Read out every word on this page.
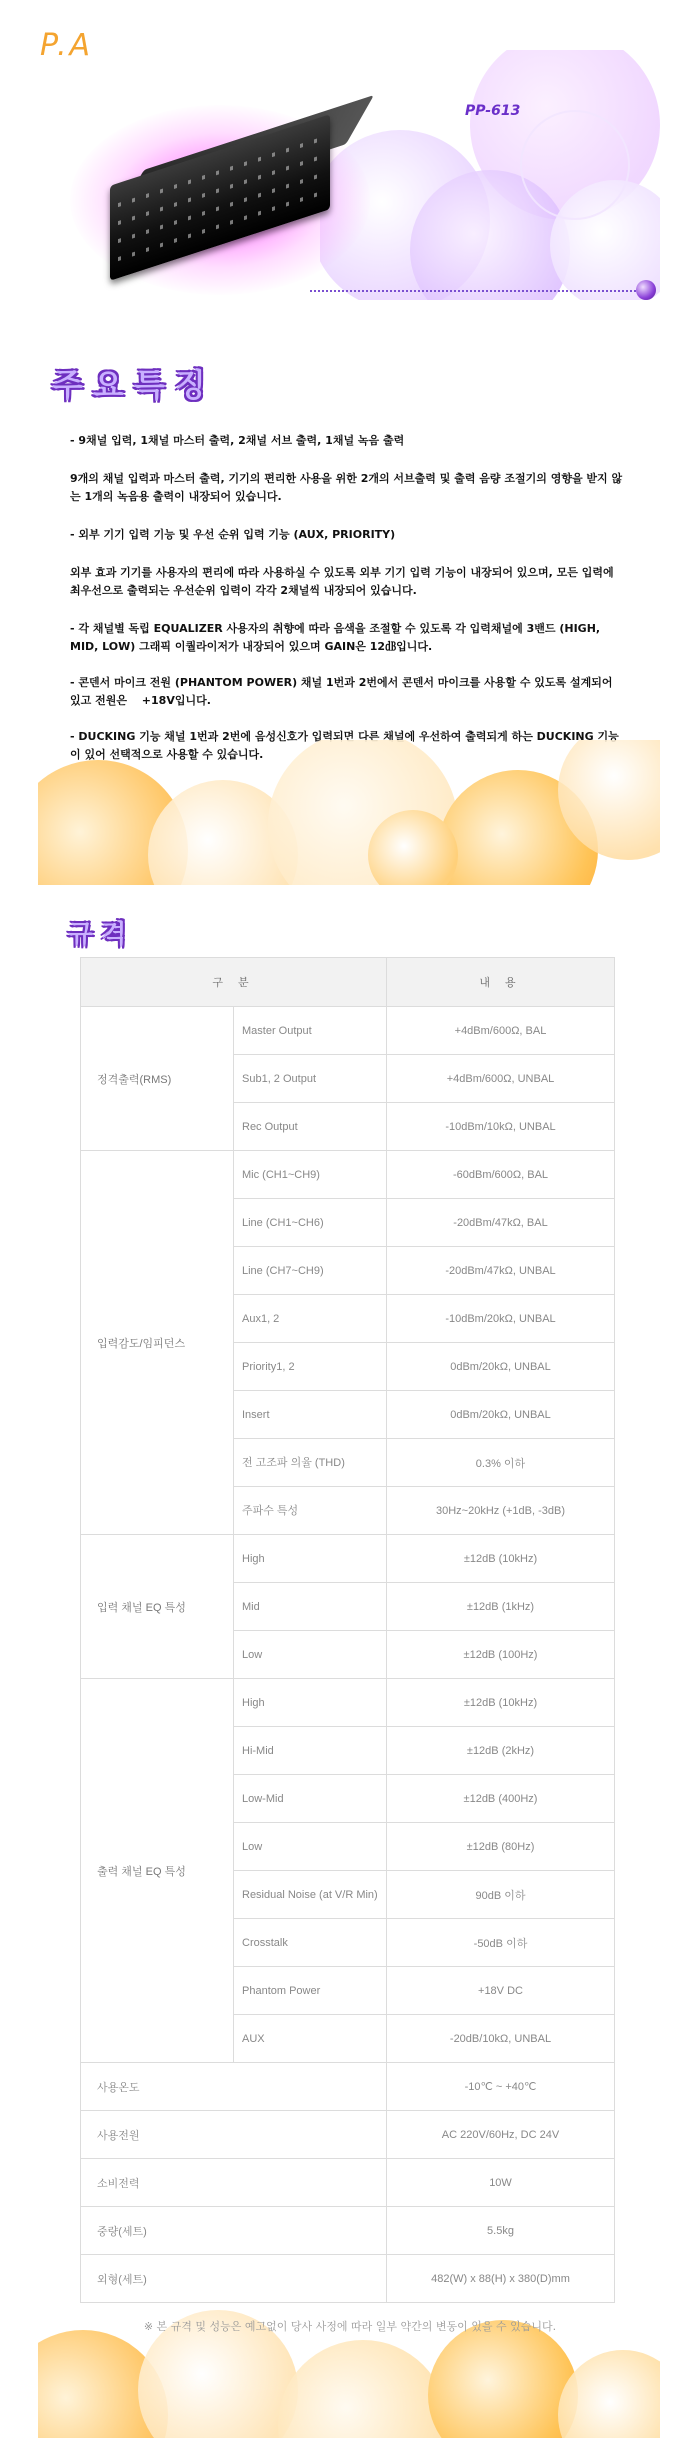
P.A
PP-613
주요특징
- 9채널 입력, 1채널 마스터 출력, 2채널 서브 출력, 1채널 녹음 출력
9개의 채널 입력과 마스터 출력, 기기의 편리한 사용을 위한 2개의 서브출력 및 출력 음량 조절기의 영향을 받지 않는 1개의 녹음용 출력이 내장되어 있습니다.
- 외부 기기 입력 기능 및 우선 순위 입력 기능 (AUX, PRIORITY)
외부 효과 기기를 사용자의 편리에 따라 사용하실 수 있도록 외부 기기 입력 기능이 내장되어 있으며, 모든 입력에 최우선으로 출력되는 우선순위 입력이 각각 2채널씩 내장되어 있습니다.
- 각 채널별 독립 EQUALIZER 사용자의 취향에 따라 음색을 조절할 수 있도록 각 입력채널에 3밴드 (HIGH, MID, LOW) 그래픽 이퀄라이저가 내장되어 있으며 GAIN은 12㏈입니다.
- 콘덴서 마이크 전원 (PHANTOM POWER) 채널 1번과 2번에서 콘덴서 마이크를 사용할 수 있도록 설계되어 있고 전원은 　+18V입니다.
- DUCKING 기능 채널 1번과 2번에 음성신호가 입력되면 다른 채널에 우선하여 출력되게 하는 DUCKING 기능이 있어 선택적으로 사용할 수 있습니다.
규격
구 분		내 용
정격출력(RMS)	Master Output	+4dBm/600Ω, BAL
	Sub1, 2 Output	+4dBm/600Ω, UNBAL
	Rec Output	-10dBm/10kΩ, UNBAL
입력감도/임피던스	Mic (CH1~CH9)	-60dBm/600Ω, BAL
	Line (CH1~CH6)	-20dBm/47kΩ, BAL
	Line (CH7~CH9)	-20dBm/47kΩ, UNBAL
	Aux1, 2	-10dBm/20kΩ, UNBAL
	Priority1, 2	0dBm/20kΩ, UNBAL
	Insert	0dBm/20kΩ, UNBAL
	전 고조파 의율 (THD)	0.3% 이하
	주파수 특성	30Hz~20kHz (+1dB, -3dB)
입력 채널 EQ 특성	High	±12dB (10kHz)
	Mid	±12dB (1kHz)
	Low	±12dB (100Hz)
출력 채널 EQ 특성	High	±12dB (10kHz)
	Hi-Mid	±12dB (2kHz)
	Low-Mid	±12dB (400Hz)
	Low	±12dB (80Hz)
	Residual Noise (at V/R Min)	90dB 이하
	Crosstalk	-50dB 이하
	Phantom Power	+18V DC
	AUX	-20dB/10kΩ, UNBAL
사용온도		-10℃ ~ +40℃
사용전원		AC 220V/60Hz, DC 24V
소비전력		10W
중량(세트)		5.5kg
외형(세트)		482(W) x 88(H) x 380(D)mm
※ 본 규격 및 성능은 예고없이 당사 사정에 따라 일부 약간의 변동이 있을 수 있습니다.
